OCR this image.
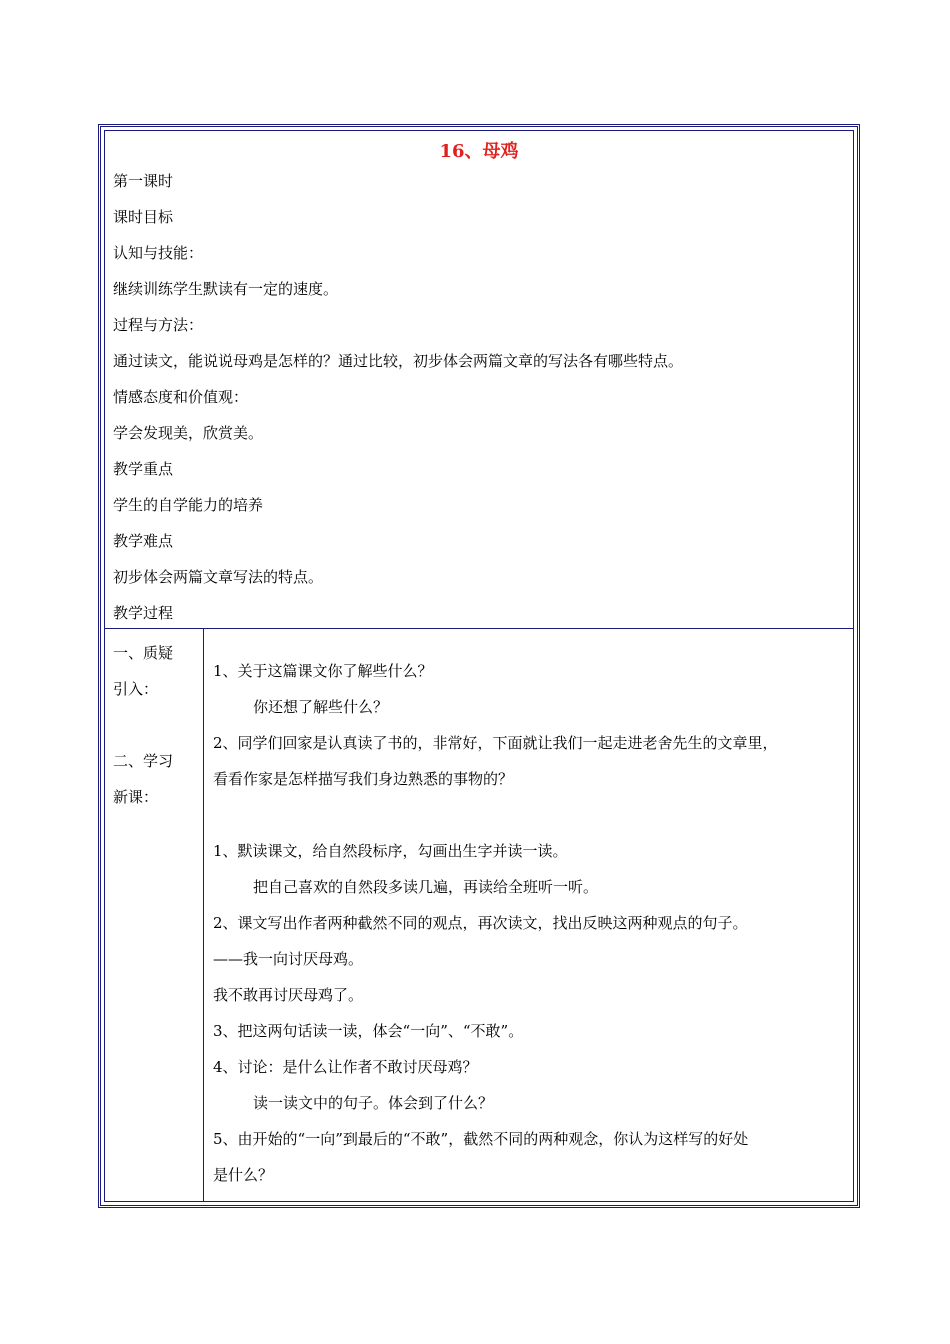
16、母鸡
第一课时
课时目标
认知与技能：
继续训练学生默读有一定的速度。
过程与方法：
通过读文，能说说母鸡是怎样的？通过比较，初步体会两篇文章的写法各有哪些特点。
情感态度和价值观：
学会发现美，欣赏美。
教学重点
学生的自学能力的培养
教学难点
初步体会两篇文章写法的特点。
教学过程
一、质疑
引入：
二、学习
新课：
1、关于这篇课文你了解些什么？
你还想了解些什么？
2、同学们回家是认真读了书的，非常好，下面就让我们一起走进老舍先生的文章里，
看看作家是怎样描写我们身边熟悉的事物的？
1、默读课文，给自然段标序，勾画出生字并读一读。
把自己喜欢的自然段多读几遍，再读给全班听一听。
2、课文写出作者两种截然不同的观点，再次读文，找出反映这两种观点的句子。
——我一向讨厌母鸡。
我不敢再讨厌母鸡了。
3、把这两句话读一读，体会“一向”、“不敢”。
4、讨论：是什么让作者不敢讨厌母鸡？
读一读文中的句子。体会到了什么？
5、由开始的“一向”到最后的“不敢”，截然不同的两种观念，你认为这样写的好处
是什么？
